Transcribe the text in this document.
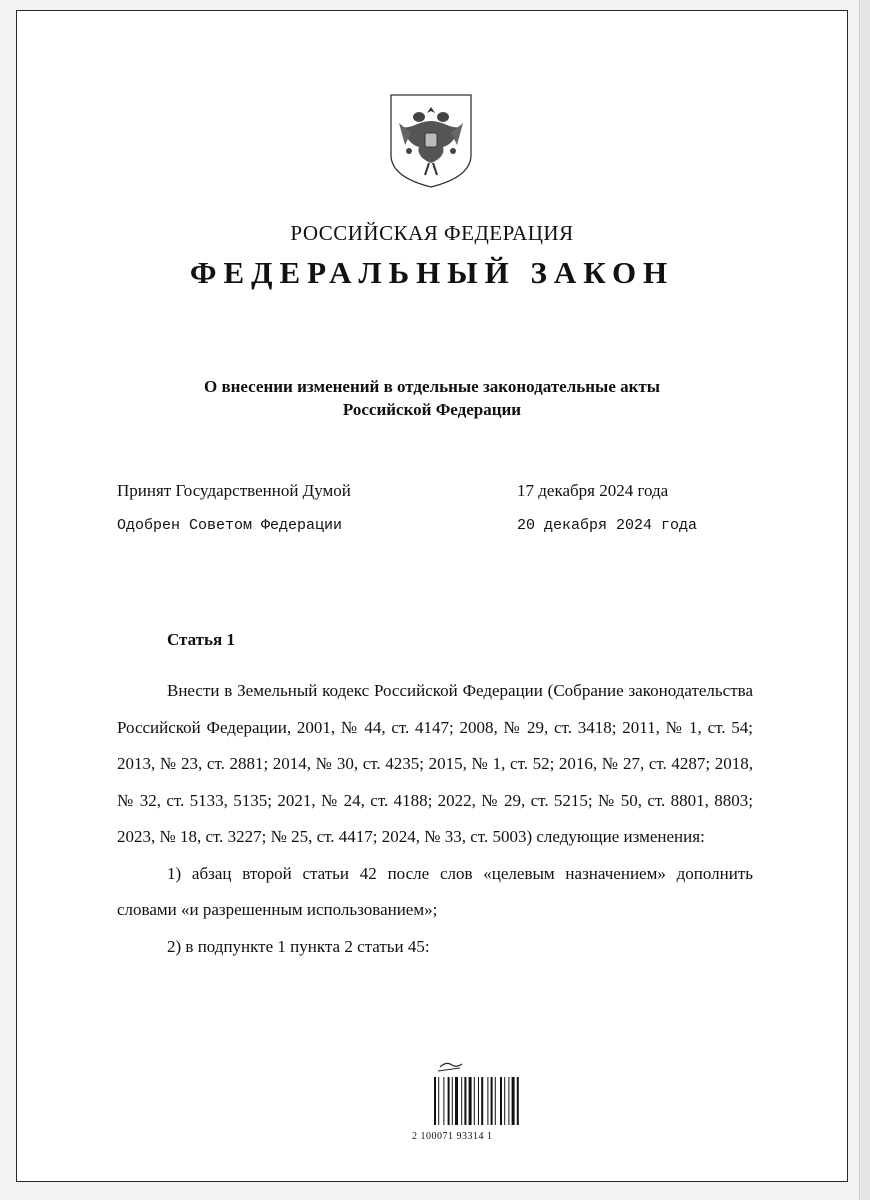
РОССИЙСКАЯ ФЕДЕРАЦИЯ
ФЕДЕРАЛЬНЫЙ ЗАКОН
О внесении изменений в отдельные законодательные акты
Российской Федерации
Принят Государственной Думой	17 декабря 2024 года
Одобрен Советом Федерации	20 декабря 2024 года
Статья 1

Внести в Земельный кодекс Российской Федерации (Собрание законодательства Российской Федерации, 2001, № 44, ст. 4147; 2008, № 29, ст. 3418; 2011, № 1, ст. 54; 2013, № 23, ст. 2881; 2014, № 30, ст. 4235; 2015, № 1, ст. 52; 2016, № 27, ст. 4287; 2018, № 32, ст. 5133, 5135; 2021, № 24, ст. 4188; 2022, № 29, ст. 5215; № 50, ст. 8801, 8803; 2023, № 18, ст. 3227; № 25, ст. 4417; 2024, № 33, ст. 5003) следующие изменения:

1) абзац второй статьи 42 после слов «целевым назначением» дополнить словами «и разрешенным использованием»;

2) в подпункте 1 пункта 2 статьи 45:

2 100071 93314 1
